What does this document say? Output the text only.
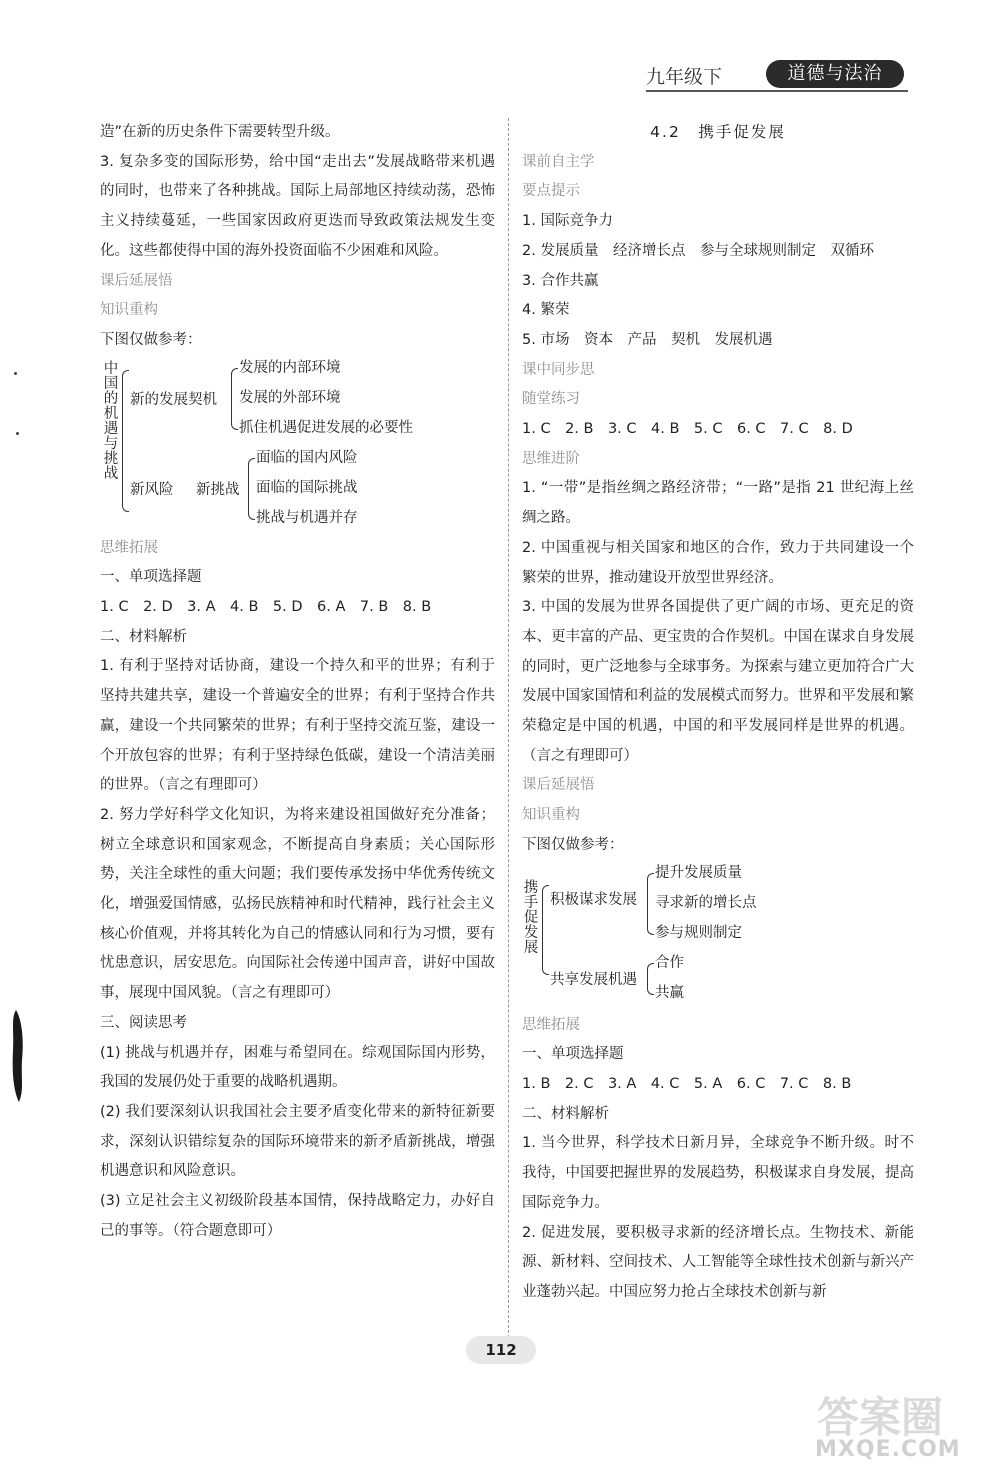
九年级下	道德与法治

造”在新的历史条件下需要转型升级。

3. 复杂多变的国际形势，给中国“走出去”发展战略带来机遇的同时，也带来了各种挑战。国际上局部地区持续动荡，恐怖主义持续蔓延，一些国家因政府更迭而导致政策法规发生变化。这些都使得中国的海外投资面临不少困难和风险。

课后延展悟

知识重构

下图仅做参考：

中国的机遇与挑战
新的发展契机
发展的内部环境
发展的外部环境
抓住机遇促进发展的必要性
新风险 新挑战
面临的国内风险
面临的国际挑战
挑战与机遇并存

思维拓展

一、单项选择题

1. C　2. D　3. A　4. B　5. D　6. A　7. B　8. B

二、材料解析

1. 有利于坚持对话协商，建设一个持久和平的世界；有利于坚持共建共享，建设一个普遍安全的世界；有利于坚持合作共赢，建设一个共同繁荣的世界；有利于坚持交流互鉴，建设一个开放包容的世界；有利于坚持绿色低碳，建设一个清洁美丽的世界。（言之有理即可）

2. 努力学好科学文化知识，为将来建设祖国做好充分准备；树立全球意识和国家观念，不断提高自身素质；关心国际形势，关注全球性的重大问题；我们要传承发扬中华优秀传统文化，增强爱国情感，弘扬民族精神和时代精神，践行社会主义核心价值观，并将其转化为自己的情感认同和行为习惯，要有忧患意识，居安思危。向国际社会传递中国声音，讲好中国故事，展现中国风貌。（言之有理即可）

三、阅读思考

(1) 挑战与机遇并存，困难与希望同在。综观国际国内形势，我国的发展仍处于重要的战略机遇期。

(2) 我们要深刻认识我国社会主要矛盾变化带来的新特征新要求，深刻认识错综复杂的国际环境带来的新矛盾新挑战，增强机遇意识和风险意识。

(3) 立足社会主义初级阶段基本国情，保持战略定力，办好自己的事等。（符合题意即可）

4.2　携手促发展

课前自主学

要点提示

1. 国际竞争力

2. 发展质量　经济增长点　参与全球规则制定　双循环

3. 合作共赢

4. 繁荣

5. 市场　资本　产品　契机　发展机遇

课中同步思

随堂练习

1. C　2. B　3. C　4. B　5. C　6. C　7. C　8. D

思维进阶

1. “一带”是指丝绸之路经济带；“一路”是指 21 世纪海上丝绸之路。

2. 中国重视与相关国家和地区的合作，致力于共同建设一个繁荣的世界，推动建设开放型世界经济。

3. 中国的发展为世界各国提供了更广阔的市场、更充足的资本、更丰富的产品、更宝贵的合作契机。中国在谋求自身发展的同时，更广泛地参与全球事务。为探索与建立更加符合广大发展中国家国情和利益的发展模式而努力。世界和平发展和繁荣稳定是中国的机遇，中国的和平发展同样是世界的机遇。（言之有理即可）

课后延展悟

知识重构

下图仅做参考：

携手促发展
积极谋求发展
提升发展质量
寻求新的增长点
参与规则制定
共享发展机遇
合作
共赢

思维拓展

一、单项选择题

1. B　2. C　3. A　4. C　5. A　6. C　7. C　8. B

二、材料解析

1. 当今世界，科学技术日新月异，全球竞争不断升级。时不我待，中国要把握世界的发展趋势，积极谋求自身发展，提高国际竞争力。

2. 促进发展，要积极寻求新的经济增长点。生物技术、新能源、新材料、空间技术、人工智能等全球性技术创新与新兴产业蓬勃兴起。中国应努力抢占全球技术创新与新

112
答案圈
MXQE.COM
